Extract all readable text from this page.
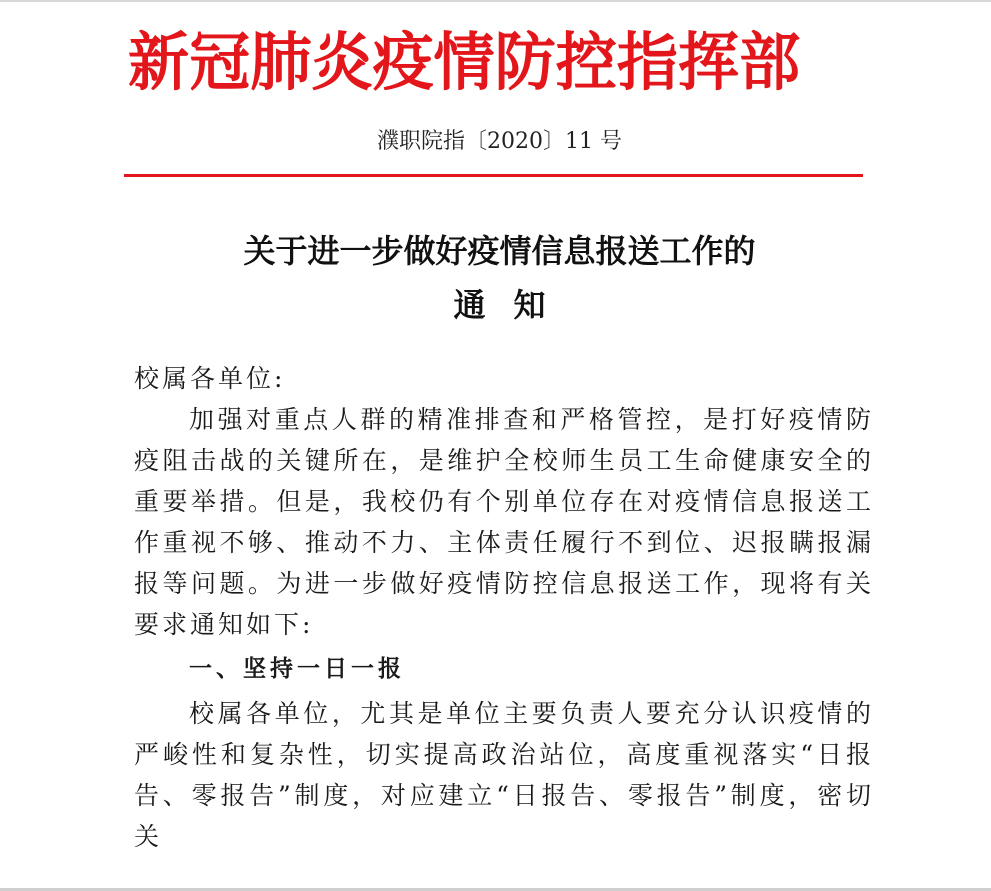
新冠肺炎疫情防控指挥部
濮职院指〔2020〕11 号
关于进一步做好疫情信息报送工作的
通知

校属各单位:

加强对重点人群的精准排查和严格管控，是打好疫情防疫阻击战的关键所在，是维护全校师生员工生命健康安全的重要举措。但是，我校仍有个别单位存在对疫情信息报送工作重视不够、推动不力、主体责任履行不到位、迟报瞒报漏报等问题。为进一步做好疫情防控信息报送工作，现将有关要求通知如下:

一、坚持一日一报

校属各单位，尤其是单位主要负责人要充分认识疫情的严峻性和复杂性，切实提高政治站位，高度重视落实“日报告、零报告”制度，对应建立“日报告、零报告”制度，密切关
